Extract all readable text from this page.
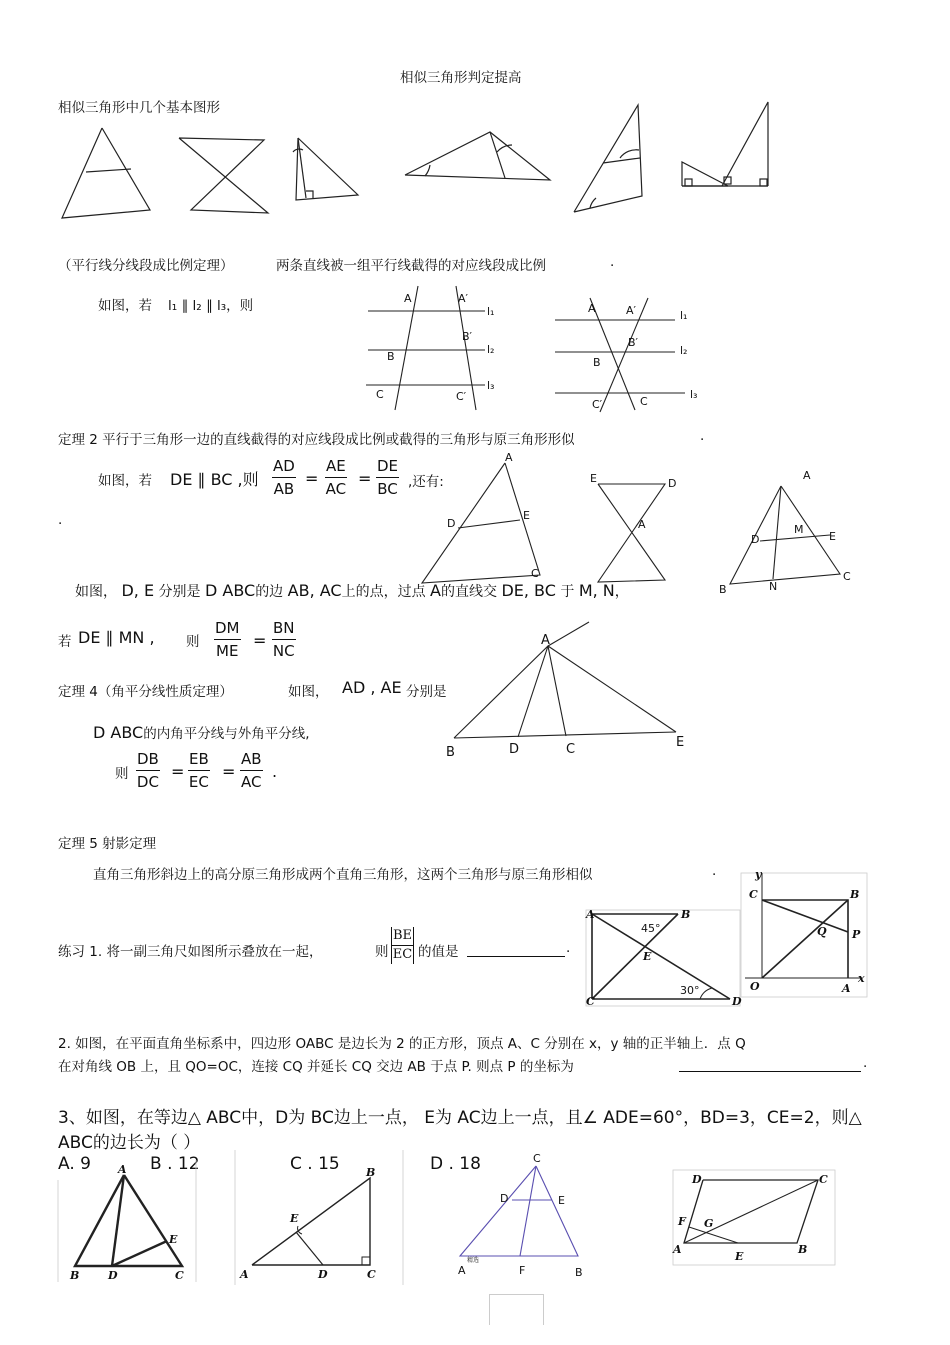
相似三角形判定提高
相似三角形中几个基本图形
（平行线分线段成比例定理）	两条直线被一组平行线截得的对应线段成比例	.
如图，若 l₁ ∥ l₂ ∥ l₃，则	A	A′
B′
B
C	C′
l₁
l₂
l₃
A	A′
B′
B
C′	C
l₁
l₂
l₃
定理 2 平行于三角形一边的直线截得的对应线段成比例或截得的三角形与原三角形形似	.
如图，若 DE ∥ BC ,则 $\frac{AD}{AB} = \frac{AE}{AC} = \frac{DE}{BC}$ ,还有:
.
A
D
E
C
E	D
A
A
D
M
E
C
B	N
如图， D, E 分别是 D ABC的边 AB, AC上的点，过点 A的直线交 DE, BC 于 M, N，
若 DE ∥ MN , 则 $\frac{DM}{ME} = \frac{BN}{NC}$
定理 4（角平分线性质定理）	如图， AD , AE 分别是
D ABC的内角平分线与外角平分线,
则 $\frac{DB}{DC} = \frac{EB}{EC} = \frac{AB}{AC}$ .
A
B	D	C	E
定理 5 射影定理
直角三角形斜边上的高分原三角形成两个直角三角形，这两个三角形与原三角形相似	.
练习 1. 将一副三角尺如图所示叠放在一起，	则 $\frac{BE}{EC}$ 的值是	.
A	B
C	D
E
45°
30°
y
C	B
Q P
O	A
x
2. 如图，在平面直角坐标系中，四边形 OABC 是边长为 2 的正方形，顶点 A、C 分别在 x，y 轴的正半轴上．点 Q
在对角线 OB 上，且 QO=OC，连接 CQ 并延长 CQ 交边 AB 于点 P. 则点 P 的坐标为	.
3、如图，在等边△ ABC中，D为 BC边上一点， E为 AC边上一点，且∠ ADE=60°，BD=3，CE=2，则△
ABC的边长为（ ）
A. 9	B . 12	C . 15	D . 18
A
B	D	C
E
B
E
A	D	C
C
D	E
A	F	B
精选
D	C
F G
A
E
B
